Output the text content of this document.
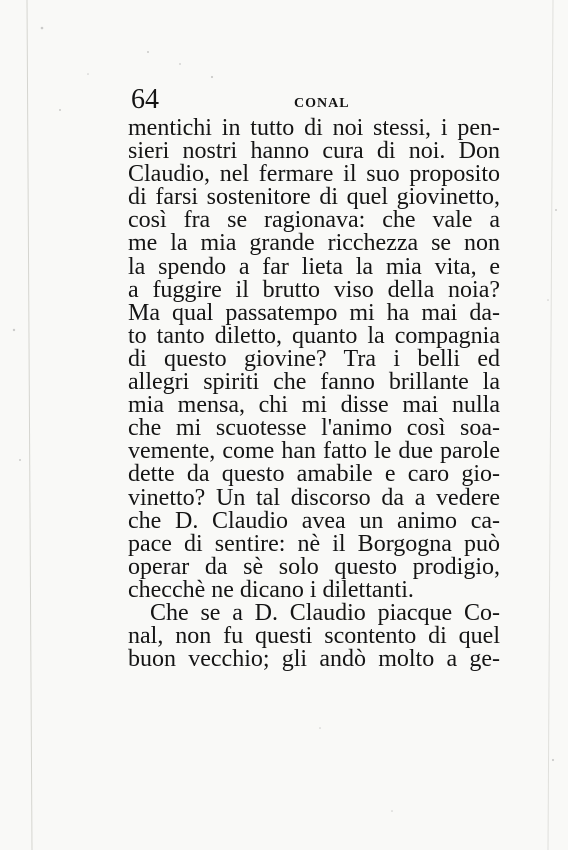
64	CONAL
mentichi in tutto di noi stessi, i pen-
sieri nostri hanno cura di noi. Don
Claudio, nel fermare il suo proposito
di farsi sostenitore di quel giovinetto,
così fra se ragionava: che vale a
me la mia grande ricchezza se non
la spendo a far lieta la mia vita, e
a fuggire il brutto viso della noia?
Ma qual passatempo mi ha mai da-
to tanto diletto, quanto la compagnia
di questo giovine? Tra i belli ed
allegri spiriti che fanno brillante la
mia mensa, chi mi disse mai nulla
che mi scuotesse l'animo così soa-
vemente, come han fatto le due parole
dette da questo amabile e caro gio-
vinetto? Un tal discorso da a vedere
che D. Claudio avea un animo ca-
pace di sentire: nè il Borgogna può
operar da sè solo questo prodigio,
checchè ne dicano i dilettanti.
Che se a D. Claudio piacque Co-
nal, non fu questi scontento di quel
buon vecchio; gli andò molto a ge-
